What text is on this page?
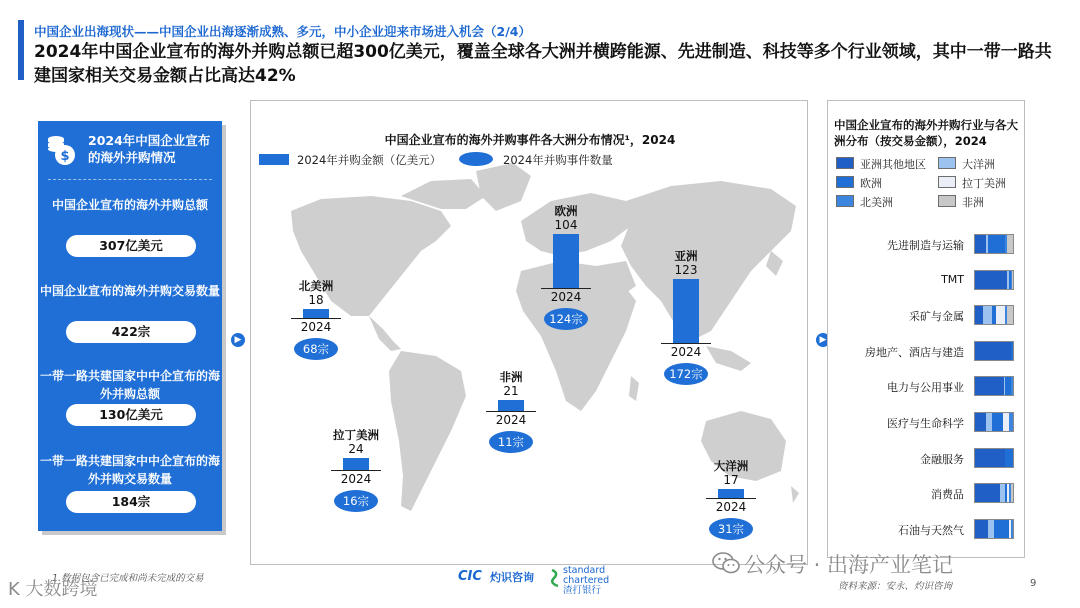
中国企业出海现状——中国企业出海逐渐成熟、多元，中小企业迎来市场进入机会（2/4）
2024年中国企业宣布的海外并购总额已超300亿美元，覆盖全球各大洲并横跨能源、先进制造、科技等多个行业领域，其中一带一路共建国家相关交易金额占比高达42%
$
2024年中国企业宣布的海外并购情况
中国企业宣布的海外并购总额
307亿美元
中国企业宣布的海外并购交易数量
422宗
一带一路共建国家中中企宣布的海外并购总额
130亿美元
一带一路共建国家中中企宣布的海外并购交易数量
184宗
▶	▶
中国企业宣布的海外并购事件各大洲分布情况¹，2024
2024年并购金额（亿美元）	2024年并购事件数量
北美洲
18
2024
68宗
欧洲
104
2024
124宗
亚洲
123
2024
172宗
非洲
21
2024
11宗
拉丁美洲
24
2024
16宗
大洋洲
17
2024
31宗
中国企业宣布的海外并购行业与各大洲分布（按交易金额），2024
亚洲其他地区	大洋洲
欧洲	拉丁美洲
北美洲	非洲
先进制造与运输
TMT
采矿与金属
房地产、酒店与建造
电力与公用事业
医疗与生命科学
金融服务
消费品
石油与天然气
1.数据包含已完成和尚未完成的交易	CIC 灼识咨询
standard
chartered
渣打银行
公众号 · 出海产业笔记
资料来源：安永、灼识咨询	9
K 大数跨境
